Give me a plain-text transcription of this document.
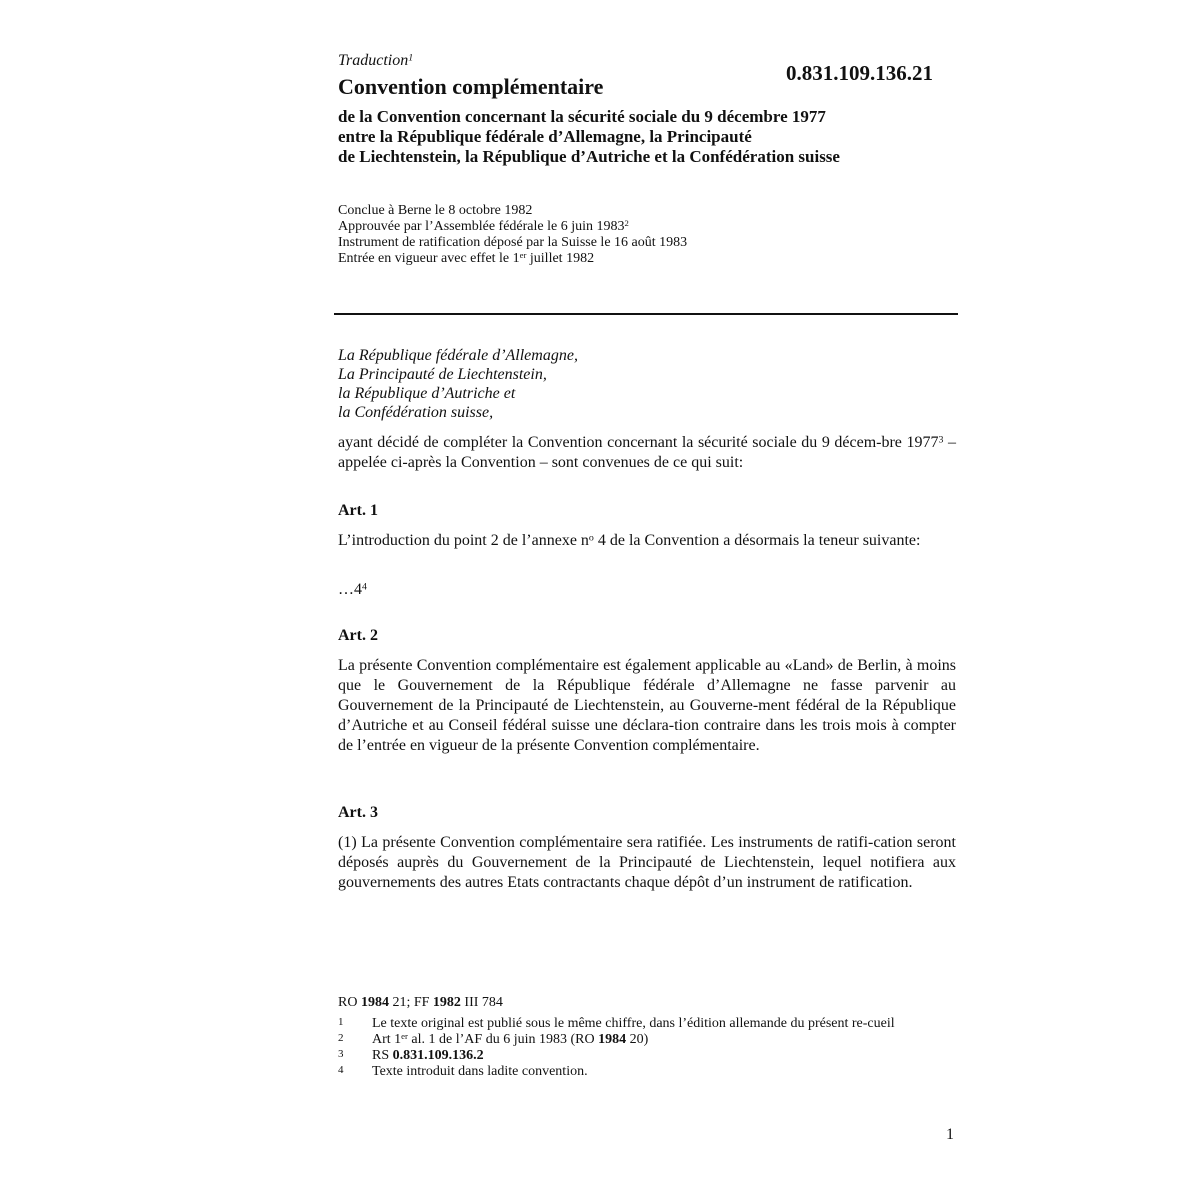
Traduction$^1$
0.831.109.136.21
Convention complémentaire
de la Convention concernant la sécurité sociale du 9 décembre 1977
entre la République fédérale d’Allemagne, la Principauté
de Liechtenstein, la République d’Autriche et la Confédération suisse
Conclue à Berne le 8 octobre 1982
Approuvée par l’Assemblée fédérale le 6 juin 1983$^2$
Instrument de ratification déposé par la Suisse le 16 août 1983
Entrée en vigueur avec effet le 1er juillet 1982
La République fédérale d’Allemagne,
La Principauté de Liechtenstein,
la République d’Autriche et
la Confédération suisse,
ayant décidé de compléter la Convention concernant la sécurité sociale du 9 décem-bre 1977$^3$ – appelée ci-après la Convention – sont convenues de ce qui suit:
Art. 1
L’introduction du point 2 de l’annexe n$^o$ 4 de la Convention a désormais la teneur suivante:
…4$^4$
Art. 2
La présente Convention complémentaire est également applicable au «Land» de Berlin, à moins que le Gouvernement de la République fédérale d’Allemagne ne fasse parvenir au Gouvernement de la Principauté de Liechtenstein, au Gouverne-ment fédéral de la République d’Autriche et au Conseil fédéral suisse une déclara-tion contraire dans les trois mois à compter de l’entrée en vigueur de la présente Convention complémentaire.
Art. 3
(1) La présente Convention complémentaire sera ratifiée. Les instruments de ratifi-cation seront déposés auprès du Gouvernement de la Principauté de Liechtenstein, lequel notifiera aux gouvernements des autres Etats contractants chaque dépôt d’un instrument de ratification.
RO 1984 21; FF 1982 III 784
1	Le texte original est publié sous le même chiffre, dans l’édition allemande du présent re-cueil
2	Art 1er al. 1 de l’AF du 6 juin 1983 (RO 1984 20)
3	RS 0.831.109.136.2
4	Texte introduit dans ladite convention.
1
